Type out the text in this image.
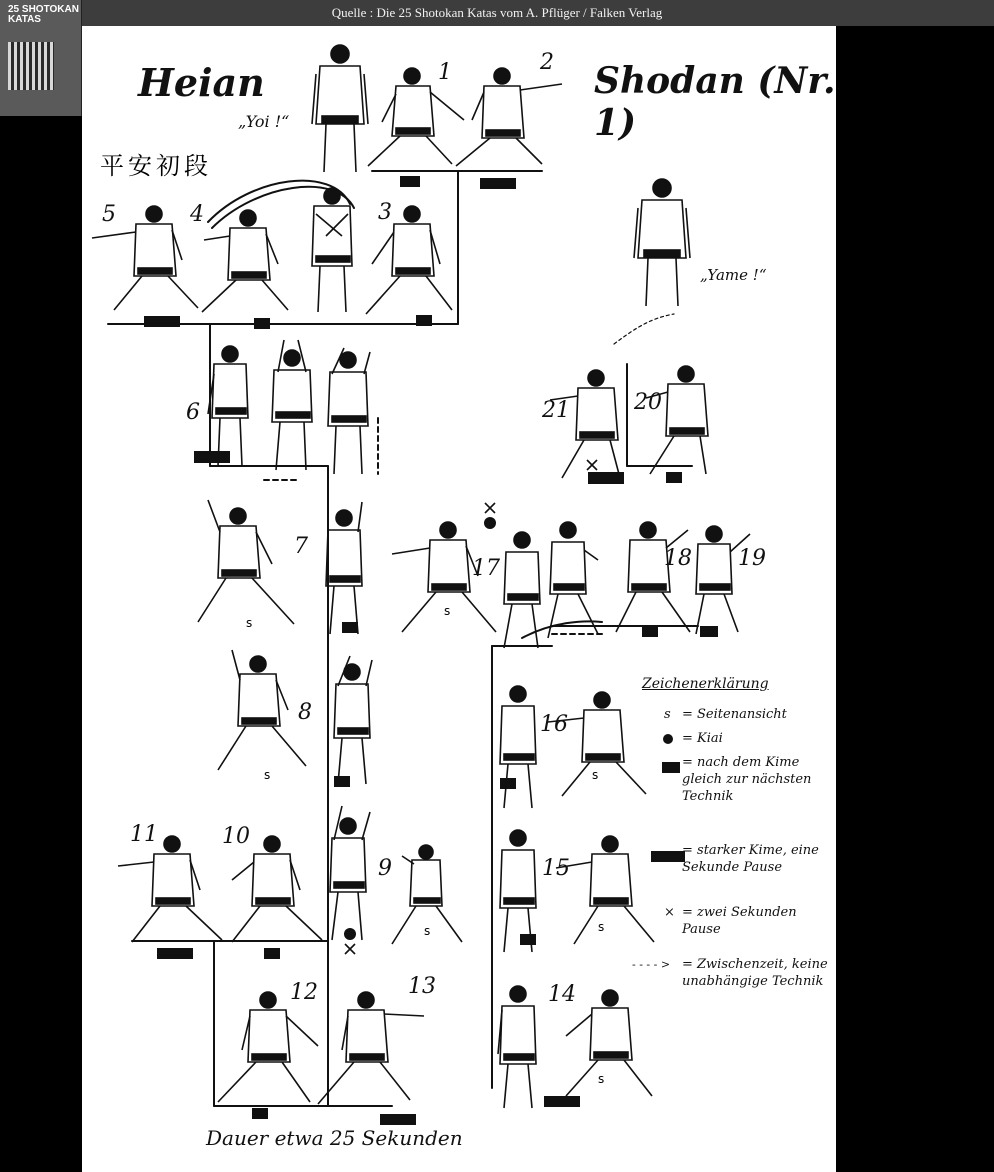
Quelle : Die 25 Shotokan Katas vom A. Pflüger / Falken Verlag
25 SHOTOKAN KATAS
Heian	Shodan (Nr. 1)
平安初段
„Yoi !“
„Yame !“
1	2
3
4
5
6
7
8
9
10
11
12	13	14
15
16
17	18 19
20
21
s
s
s
s
s
s
s
Zeichenerklärung
s = Seitenansicht
= Kiai
= nach dem Kime gleich zur nächsten Technik
= starker Kime, eine Sekunde Pause
× = zwei Sekunden Pause
- - - - > = Zwischenzeit, keine unabhängige Technik
Dauer etwa 25 Sekunden
